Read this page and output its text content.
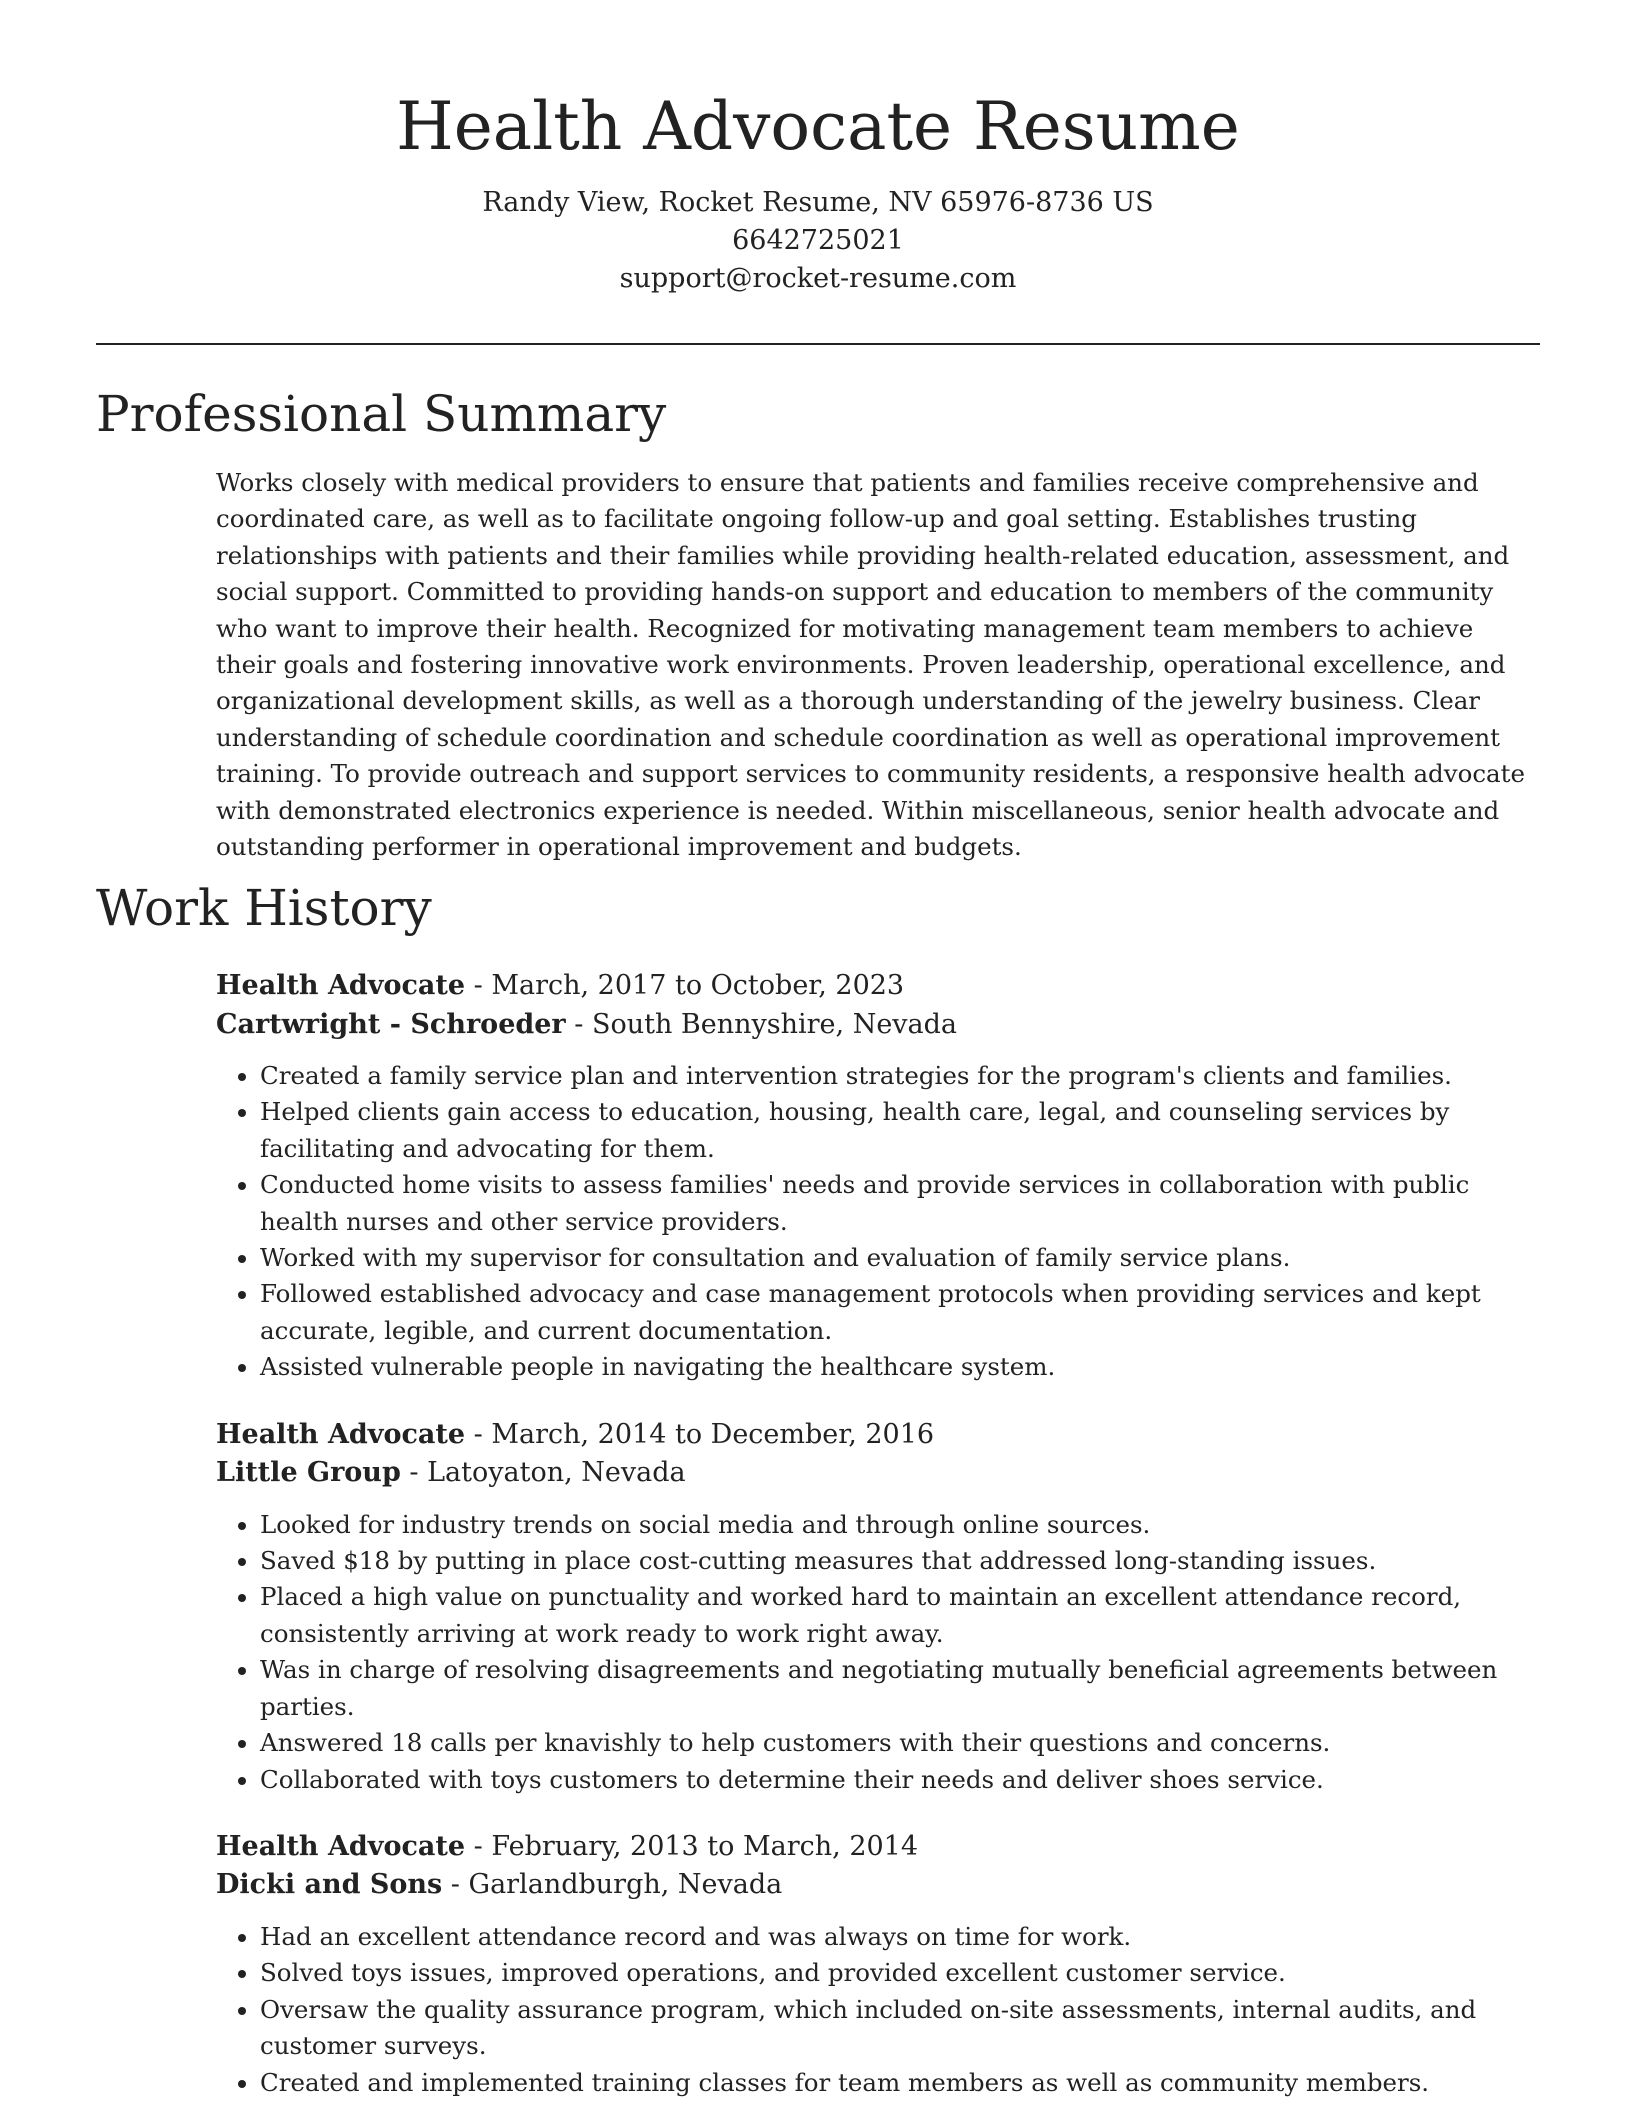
Health Advocate Resume
Randy View, Rocket Resume, NV 65976-8736 US
6642725021
support@rocket-resume.com
Professional Summary

Works closely with medical providers to ensure that patients and families receive comprehensive and coordinated care, as well as to facilitate ongoing follow-up and goal setting. Establishes trusting relationships with patients and their families while providing health-related education, assessment, and social support. Committed to providing hands-on support and education to members of the community who want to improve their health. Recognized for motivating management team members to achieve their goals and fostering innovative work environments. Proven leadership, operational excellence, and organizational development skills, as well as a thorough understanding of the jewelry business. Clear understanding of schedule coordination and schedule coordination as well as operational improvement training. To provide outreach and support services to community residents, a responsive health advocate with demonstrated electronics experience is needed. Within miscellaneous, senior health advocate and outstanding performer in operational improvement and budgets.

Work History
Health Advocate - March, 2017 to October, 2023
Cartwright - Schroeder - South Bennyshire, Nevada
• Created a family service plan and intervention strategies for the program's clients and families.
• Helped clients gain access to education, housing, health care, legal, and counseling services by facilitating and advocating for them.
• Conducted home visits to assess families' needs and provide services in collaboration with public health nurses and other service providers.
• Worked with my supervisor for consultation and evaluation of family service plans.
• Followed established advocacy and case management protocols when providing services and kept accurate, legible, and current documentation.
• Assisted vulnerable people in navigating the healthcare system.
Health Advocate - March, 2014 to December, 2016
Little Group - Latoyaton, Nevada
• Looked for industry trends on social media and through online sources.
• Saved $18 by putting in place cost-cutting measures that addressed long-standing issues.
• Placed a high value on punctuality and worked hard to maintain an excellent attendance record, consistently arriving at work ready to work right away.
• Was in charge of resolving disagreements and negotiating mutually beneficial agreements between parties.
• Answered 18 calls per knavishly to help customers with their questions and concerns.
• Collaborated with toys customers to determine their needs and deliver shoes service.
Health Advocate - February, 2013 to March, 2014
Dicki and Sons - Garlandburgh, Nevada
• Had an excellent attendance record and was always on time for work.
• Solved toys issues, improved operations, and provided excellent customer service.
• Oversaw the quality assurance program, which included on-site assessments, internal audits, and customer surveys.
• Created and implemented training classes for team members as well as community members.
